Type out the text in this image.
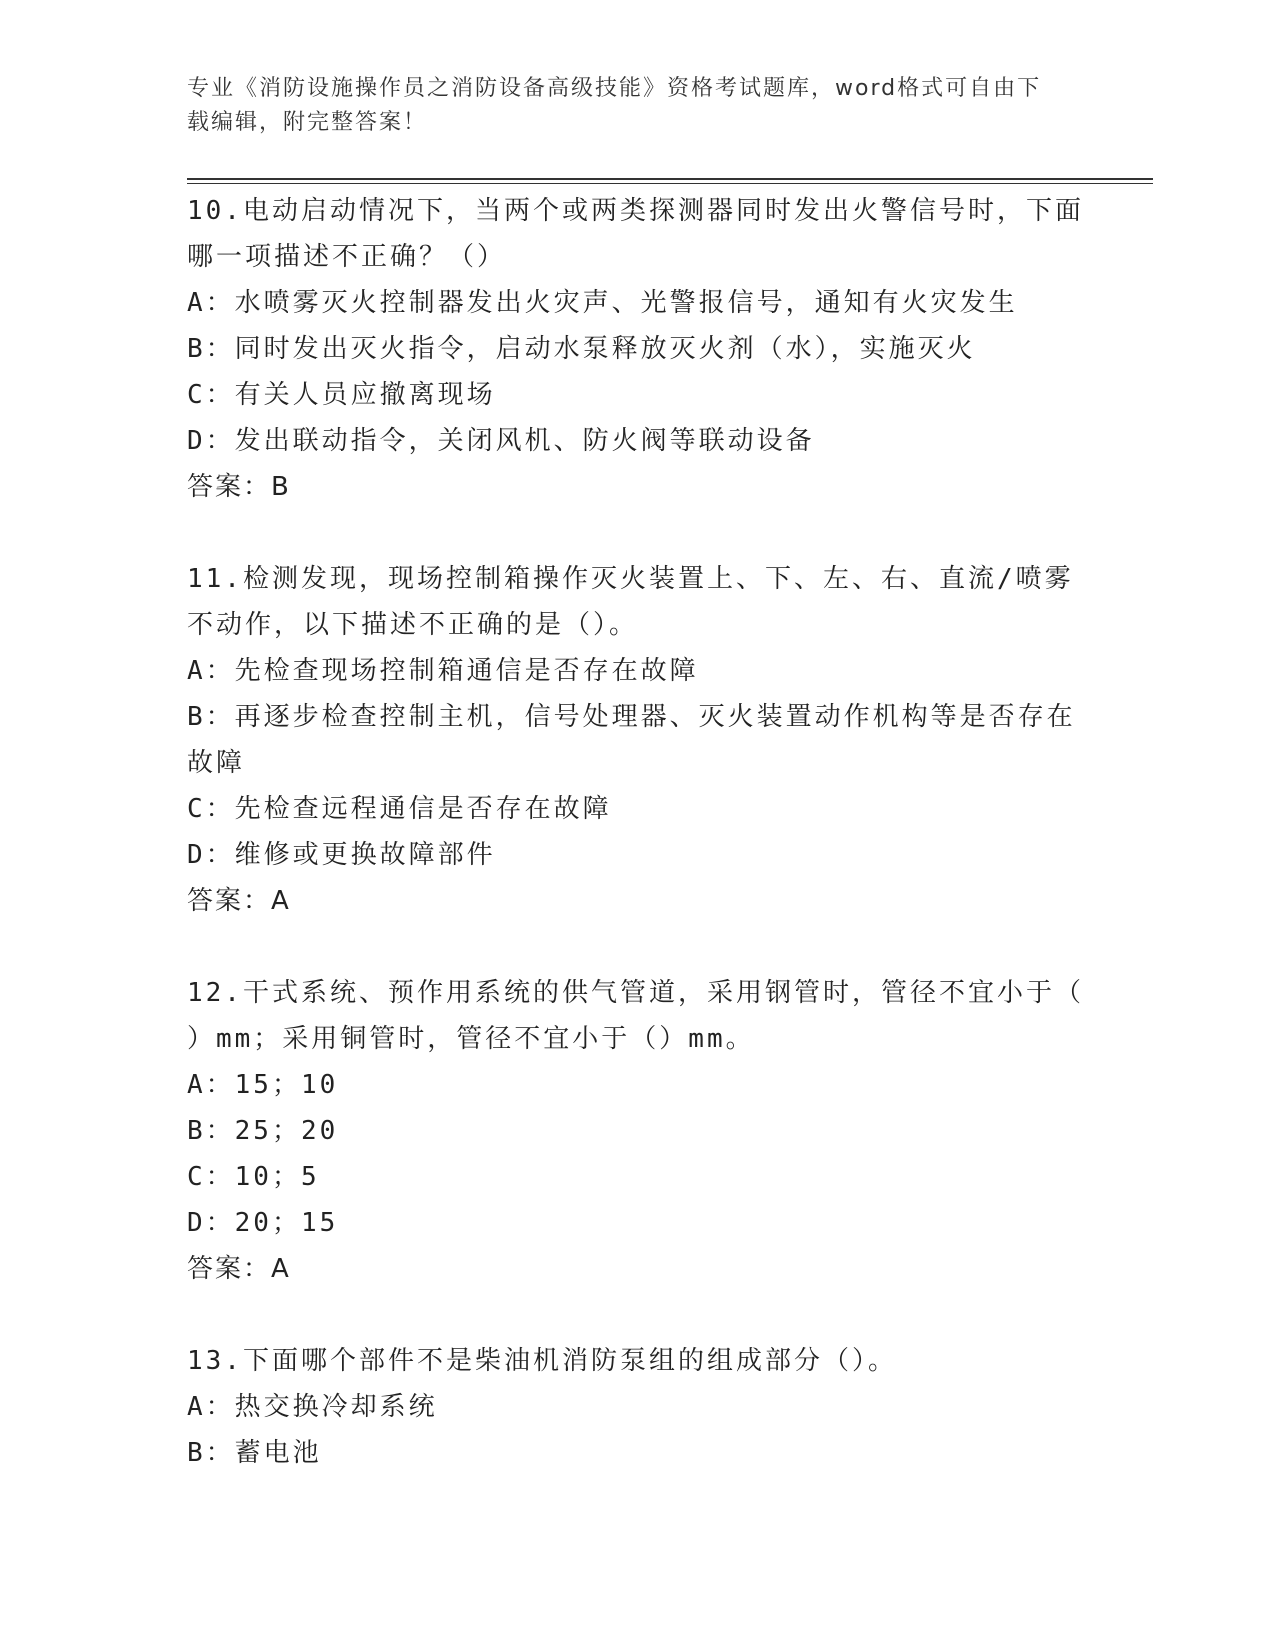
专业《消防设施操作员之消防设备高级技能》资格考试题库，word格式可自由下
载编辑，附完整答案！
10.电动启动情况下，当两个或两类探测器同时发出火警信号时，下面
哪一项描述不正确？（）
A：水喷雾灭火控制器发出火灾声、光警报信号，通知有火灾发生
B：同时发出灭火指令，启动水泵释放灭火剂（水），实施灭火
C：有关人员应撤离现场
D：发出联动指令，关闭风机、防火阀等联动设备
答案：B
11.检测发现，现场控制箱操作灭火装置上、下、左、右、直流/喷雾
不动作，以下描述不正确的是（）。
A：先检查现场控制箱通信是否存在故障
B：再逐步检查控制主机，信号处理器、灭火装置动作机构等是否存在
故障
C：先检查远程通信是否存在故障
D：维修或更换故障部件
答案：A
12.干式系统、预作用系统的供气管道，采用钢管时，管径不宜小于（
）mm；采用铜管时，管径不宜小于（）mm。
A：15；10
B：25；20
C：10；5
D：20；15
答案：A
13.下面哪个部件不是柴油机消防泵组的组成部分（）。
A：热交换冷却系统
B：蓄电池
